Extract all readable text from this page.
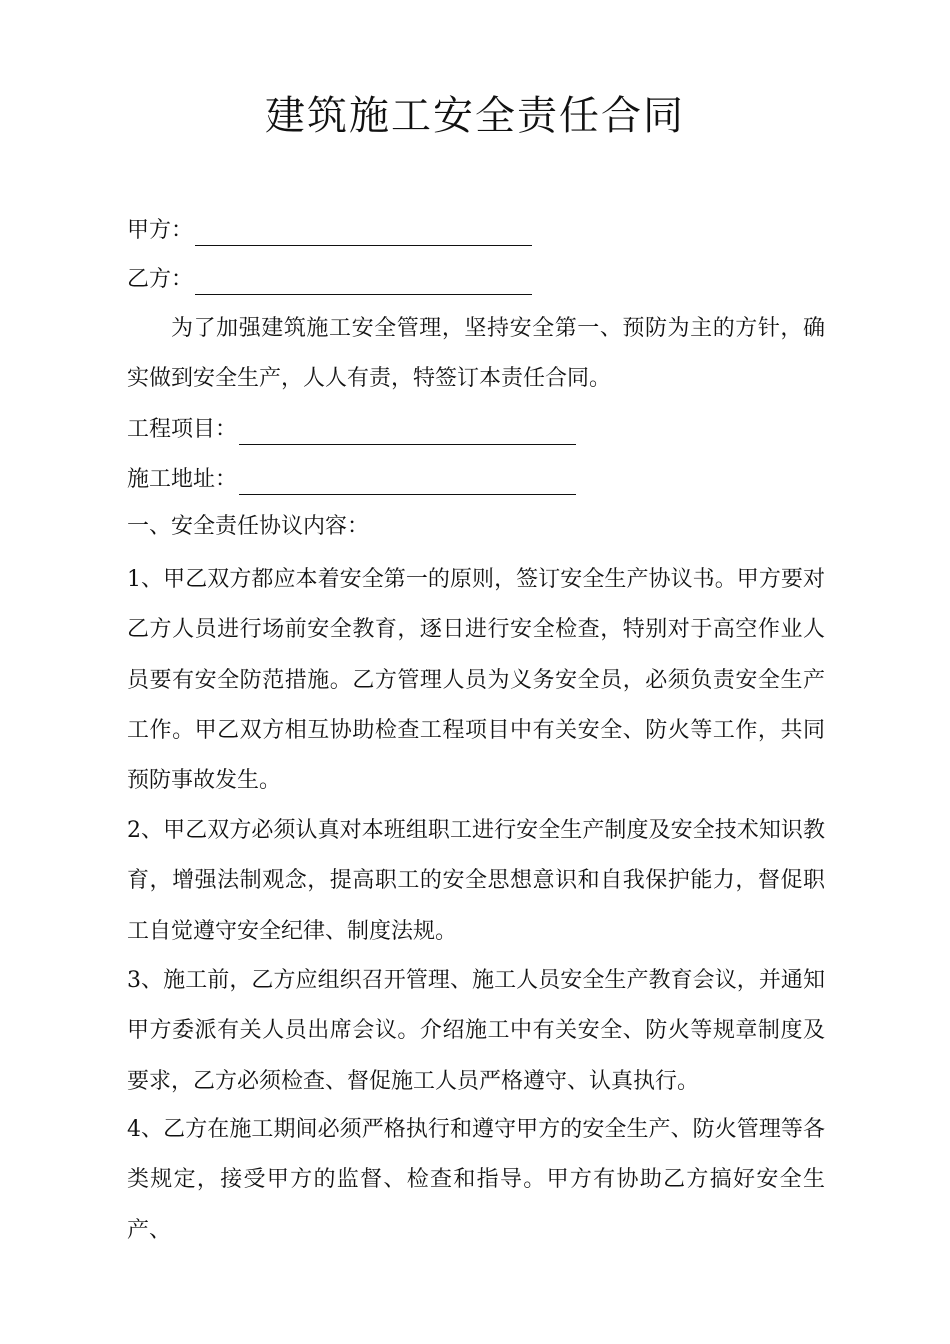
建筑施工安全责任合同
甲方：
乙方：
为了加强建筑施工安全管理，坚持安全第一、预防为主的方针，确实做到安全生产，人人有责，特签订本责任合同。
工程项目：
施工地址：
一、安全责任协议内容：
1、甲乙双方都应本着安全第一的原则，签订安全生产协议书。甲方要对乙方人员进行场前安全教育，逐日进行安全检查，特别对于高空作业人员要有安全防范措施。乙方管理人员为义务安全员，必须负责安全生产工作。甲乙双方相互协助检查工程项目中有关安全、防火等工作，共同预防事故发生。
2、甲乙双方必须认真对本班组职工进行安全生产制度及安全技术知识教育，增强法制观念，提高职工的安全思想意识和自我保护能力，督促职工自觉遵守安全纪律、制度法规。
3、施工前，乙方应组织召开管理、施工人员安全生产教育会议，并通知甲方委派有关人员出席会议。介绍施工中有关安全、防火等规章制度及要求，乙方必须检查、督促施工人员严格遵守、认真执行。
4、乙方在施工期间必须严格执行和遵守甲方的安全生产、防火管理等各类规定，接受甲方的监督、检查和指导。甲方有协助乙方搞好安全生产、
